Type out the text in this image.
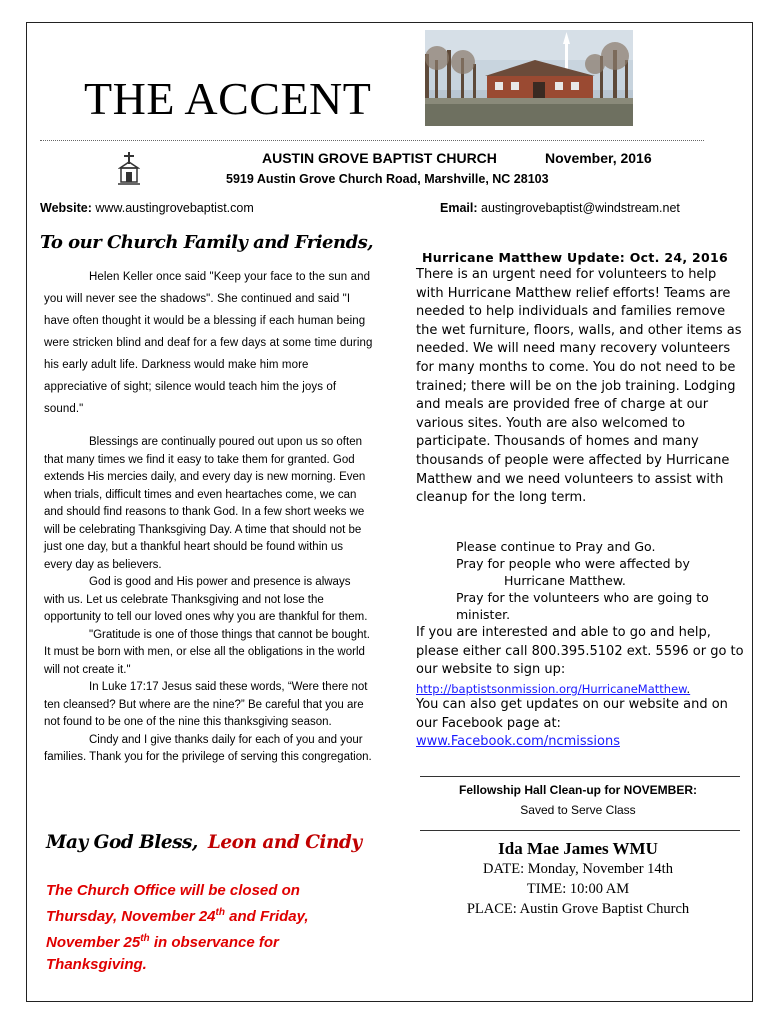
THE ACCENT
AUSTIN GROVE BAPTIST CHURCH	November, 2016
5919 Austin Grove Church Road, Marshville, NC 28103
Website: www.austingrovebaptist.com	Email: austingrovebaptist@windstream.net
To our Church Family and Friends,

Helen Keller once said "Keep your face to the sun and you will never see the shadows". She continued and said "I have often thought it would be a blessing if each human being were stricken blind and deaf for a few days at some time during his early adult life. Darkness would make him more appreciative of sight; silence would teach him the joys of sound."

Blessings are continually poured out upon us so often that many times we find it easy to take them for granted. God extends His mercies daily, and every day is new morning. Even when trials, difficult times and even heartaches come, we can and should find reasons to thank God. In a few short weeks we will be celebrating Thanksgiving Day. A time that should not be just one day, but a thankful heart should be found within us every day as believers.

God is good and His power and presence is always with us. Let us celebrate Thanksgiving and not lose the opportunity to tell our loved ones why you are thankful for them.

"Gratitude is one of those things that cannot be bought. It must be born with men, or else all the obligations in the world will not create it."

In Luke 17:17 Jesus said these words, “Were there not ten cleansed? But where are the nine?” Be careful that you are not found to be one of the nine this thanksgiving season.

Cindy and I give thanks daily for each of you and your families. Thank you for the privilege of serving this congregation.

May God Bless, Leon and Cindy
The Church Office will be closed on
Thursday, November 24th and Friday,
November 25th in observance for
Thanksgiving.
Hurricane Matthew Update: Oct. 24, 2016
There is an urgent need for volunteers to help with Hurricane Matthew relief efforts! Teams are needed to help individuals and families remove the wet furniture, floors, walls, and other items as needed. We will need many recovery volunteers for many months to come. You do not need to be trained; there will be on the job training. Lodging and meals are provided free of charge at our various sites. Youth are also welcomed to participate. Thousands of homes and many thousands of people were affected by Hurricane Matthew and we need volunteers to assist with cleanup for the long term.
Please continue to Pray and Go.
Pray for people who were affected by
Hurricane Matthew.
Pray for the volunteers who are going to
minister.
If you are interested and able to go and help, please either call 800.395.5102 ext. 5596 or go to our website to sign up:
http://baptistsonmission.org/HurricaneMatthew.
You can also get updates on our website and on our Facebook page at:
www.Facebook.com/ncmissions
Fellowship Hall Clean-up for NOVEMBER:
Saved to Serve Class
Ida Mae James WMU
DATE: Monday, November 14th
TIME: 10:00 AM
PLACE: Austin Grove Baptist Church
